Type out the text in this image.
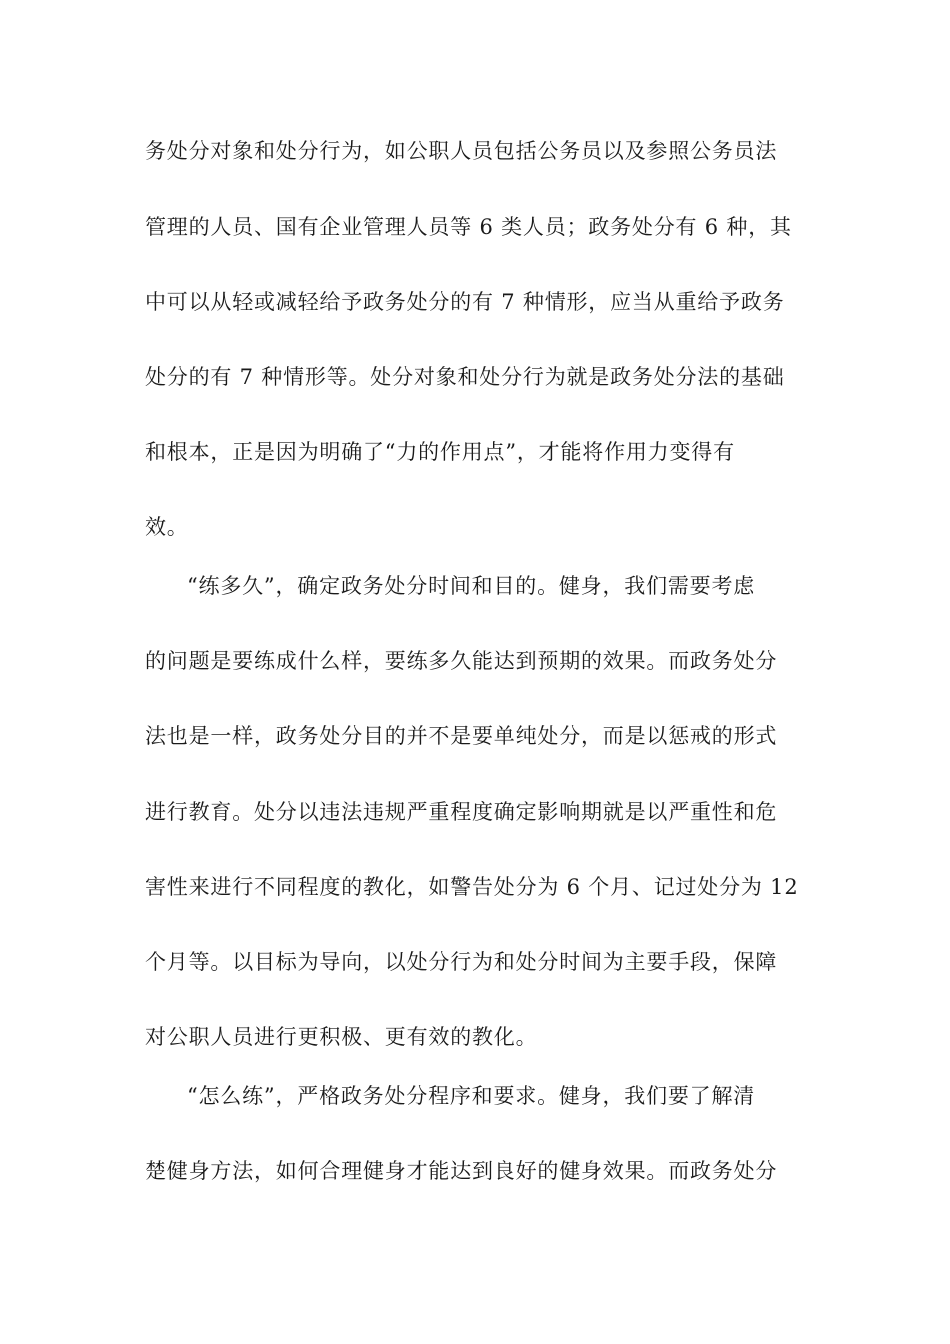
务处分对象和处分行为，如公职人员包括公务员以及参照公务员法

管理的人员、国有企业管理人员等 6 类人员；政务处分有 6 种，其

中可以从轻或减轻给予政务处分的有 7 种情形，应当从重给予政务

处分的有 7 种情形等。处分对象和处分行为就是政务处分法的基础

和根本，正是因为明确了“力的作用点”，才能将作用力变得有

效。

“练多久”，确定政务处分时间和目的。健身，我们需要考虑

的问题是要练成什么样，要练多久能达到预期的效果。而政务处分

法也是一样，政务处分目的并不是要单纯处分，而是以惩戒的形式

进行教育。处分以违法违规严重程度确定影响期就是以严重性和危

害性来进行不同程度的教化，如警告处分为 6 个月、记过处分为 12

个月等。以目标为导向，以处分行为和处分时间为主要手段，保障

对公职人员进行更积极、更有效的教化。

“怎么练”，严格政务处分程序和要求。健身，我们要了解清

楚健身方法，如何合理健身才能达到良好的健身效果。而政务处分
